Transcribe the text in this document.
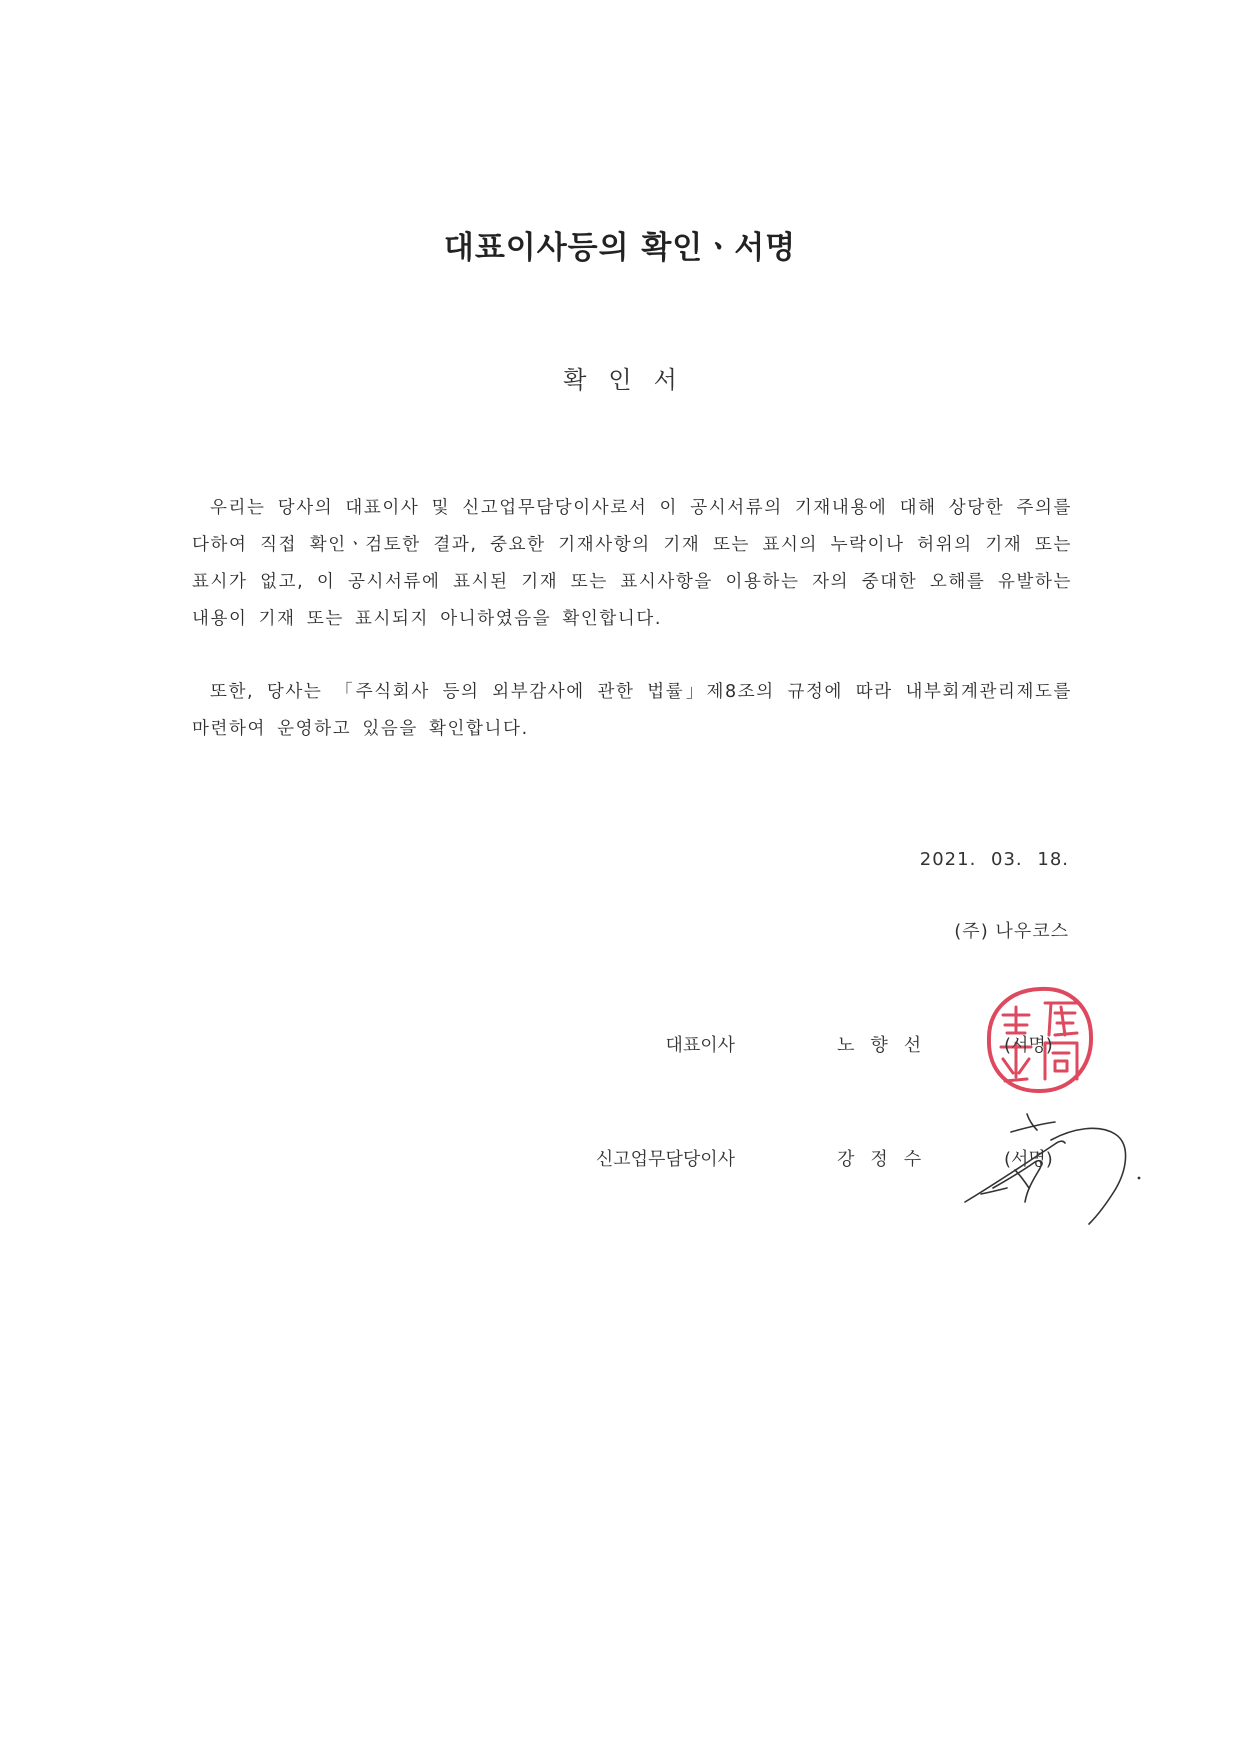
대표이사등의 확인ㆍ서명
확인서

우리는 당사의 대표이사 및 신고업무담당이사로서 이 공시서류의 기재내용에 대해 상당한 주의를 다하여 직접 확인ㆍ검토한 결과, 중요한 기재사항의 기재 또는 표시의 누락이나 허위의 기재 또는 표시가 없고, 이 공시서류에 표시된 기재 또는 표시사항을 이용하는 자의 중대한 오해를 유발하는 내용이 기재 또는 표시되지 아니하였음을 확인합니다.

또한, 당사는 「주식회사 등의 외부감사에 관한 법률」제8조의 규정에 따라 내부회계관리제도를 마련하여 운영하고 있음을 확인합니다.

2021. 03. 18.
(주) 나우코스
대표이사	노향선	(서명)
신고업무담당이사	강정수	(서명)
